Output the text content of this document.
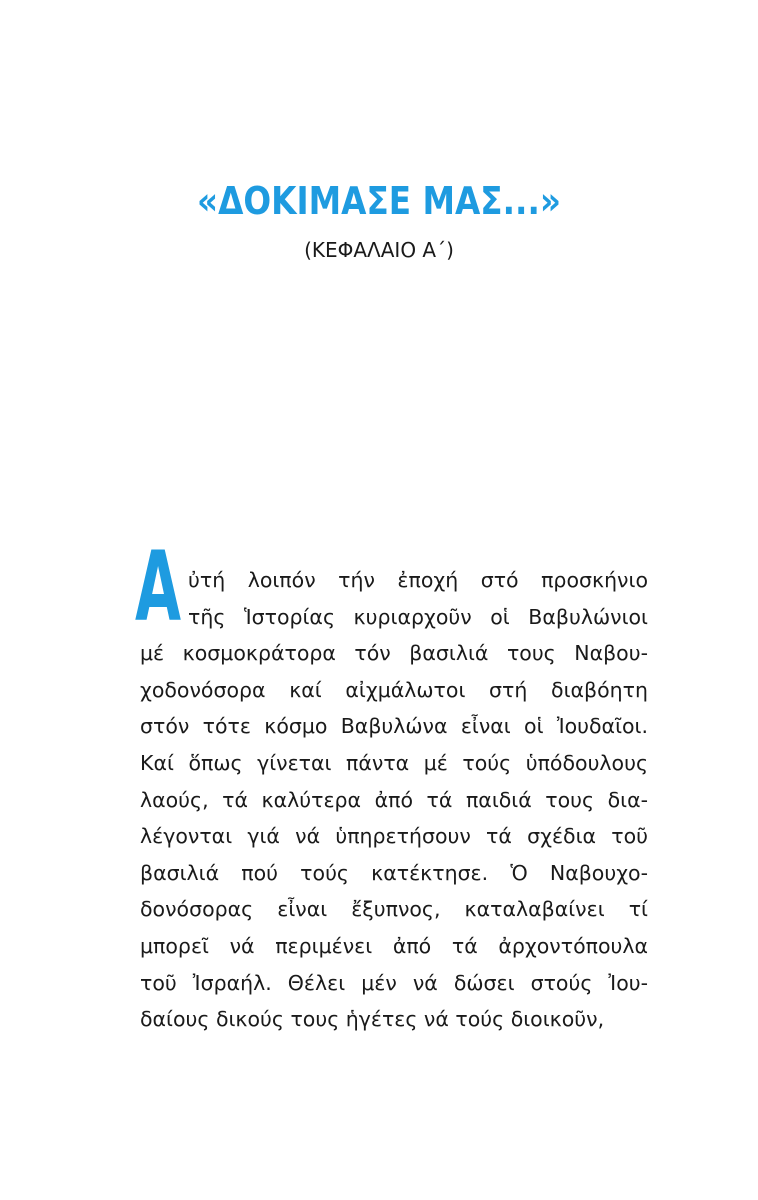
«ΔΟΚΙΜΑΣΕ ΜΑΣ...»
(ΚΕΦΑΛΑΙΟ Α΄)
Α ὐτή λοιπόν τήν ἐποχή στό προσκήνιο
τῆς Ἱστορίας κυριαρχοῦν οἱ Βαβυλώνιοι
μέ κοσμοκράτορα τόν βασιλιά τους Ναβου-
χοδονόσορα καί αἰχμάλωτοι στή διαβόητη
στόν τότε κόσμο Βαβυλώνα εἶναι οἱ Ἰουδαῖοι.
Καί ὅπως γίνεται πάντα μέ τούς ὑπόδουλους
λαούς, τά καλύτερα ἀπό τά παιδιά τους δια-
λέγονται γιά νά ὑπηρετήσουν τά σχέδια τοῦ
βασιλιά πού τούς κατέκτησε. Ὁ Ναβουχο-
δονόσορας εἶναι ἔξυπνος, καταλαβαίνει τί
μπορεῖ νά περιμένει ἀπό τά ἀρχοντόπουλα
τοῦ Ἰσραήλ. Θέλει μέν νά δώσει στούς Ἰου-
δαίους δικούς τους ἡγέτες νά τούς διοικοῦν,
